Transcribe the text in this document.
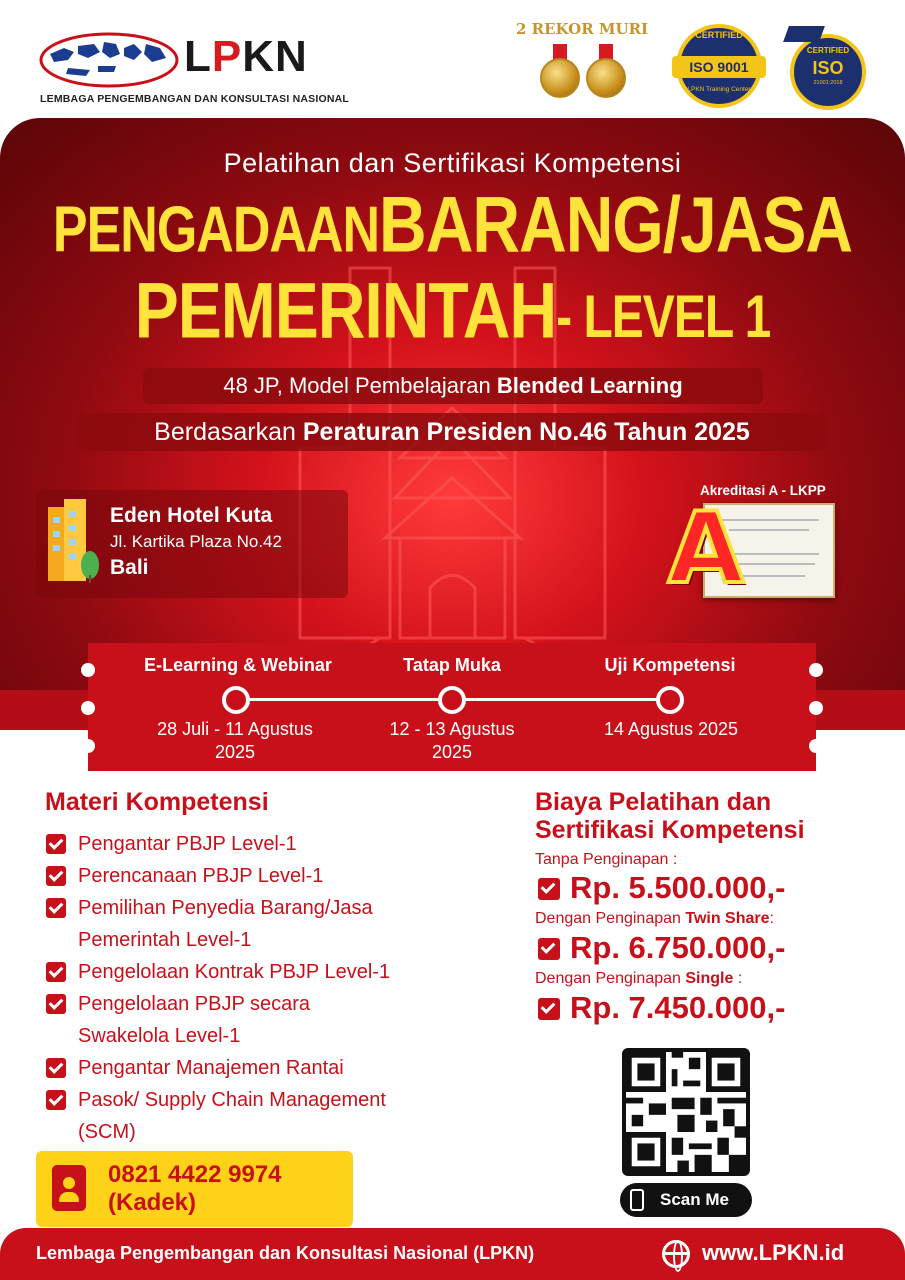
LPKN
LEMBAGA PENGEMBANGAN DAN KONSULTASI NASIONAL
2 REKOR MURI	CERTIFIED
ISO 9001
LPKN Training Center
CERTIFIED
ISO
21001:2018
Pelatihan dan Sertifikasi Kompetensi
PENGADAANBARANG/JASA
PEMERINTAH- LEVEL 1
48 JP, Model Pembelajaran Blended Learning
Berdasarkan Peraturan Presiden No.46 Tahun 2025
Eden Hotel Kuta
Jl. Kartika Plaza No.42
Bali
Akreditasi A - LKPP
A
E-Learning & Webinar	Tatap Muka	Uji Kompetensi
28 Juli - 11 Agustus
2025
12 - 13 Agustus
2025
14 Agustus 2025
Materi Kompetensi
Pengantar PBJP Level-1
Perencanaan PBJP Level-1
Pemilihan Penyedia Barang/Jasa
Pemerintah Level-1
Pengelolaan Kontrak PBJP Level-1
Pengelolaan PBJP secara
Swakelola Level-1
Pengantar Manajemen Rantai
Pasok/ Supply Chain Management
(SCM)
Biaya Pelatihan dan
Sertifikasi Kompetensi
Tanpa Penginapan :
Rp. 5.500.000,-
Dengan Penginapan Twin Share:
Rp. 6.750.000,-
Dengan Penginapan Single :
Rp. 7.450.000,-
Scan Me
0821 4422 9974
(Kadek)
Lembaga Pengembangan dan Konsultasi Nasional (LPKN)	www.LPKN.id
